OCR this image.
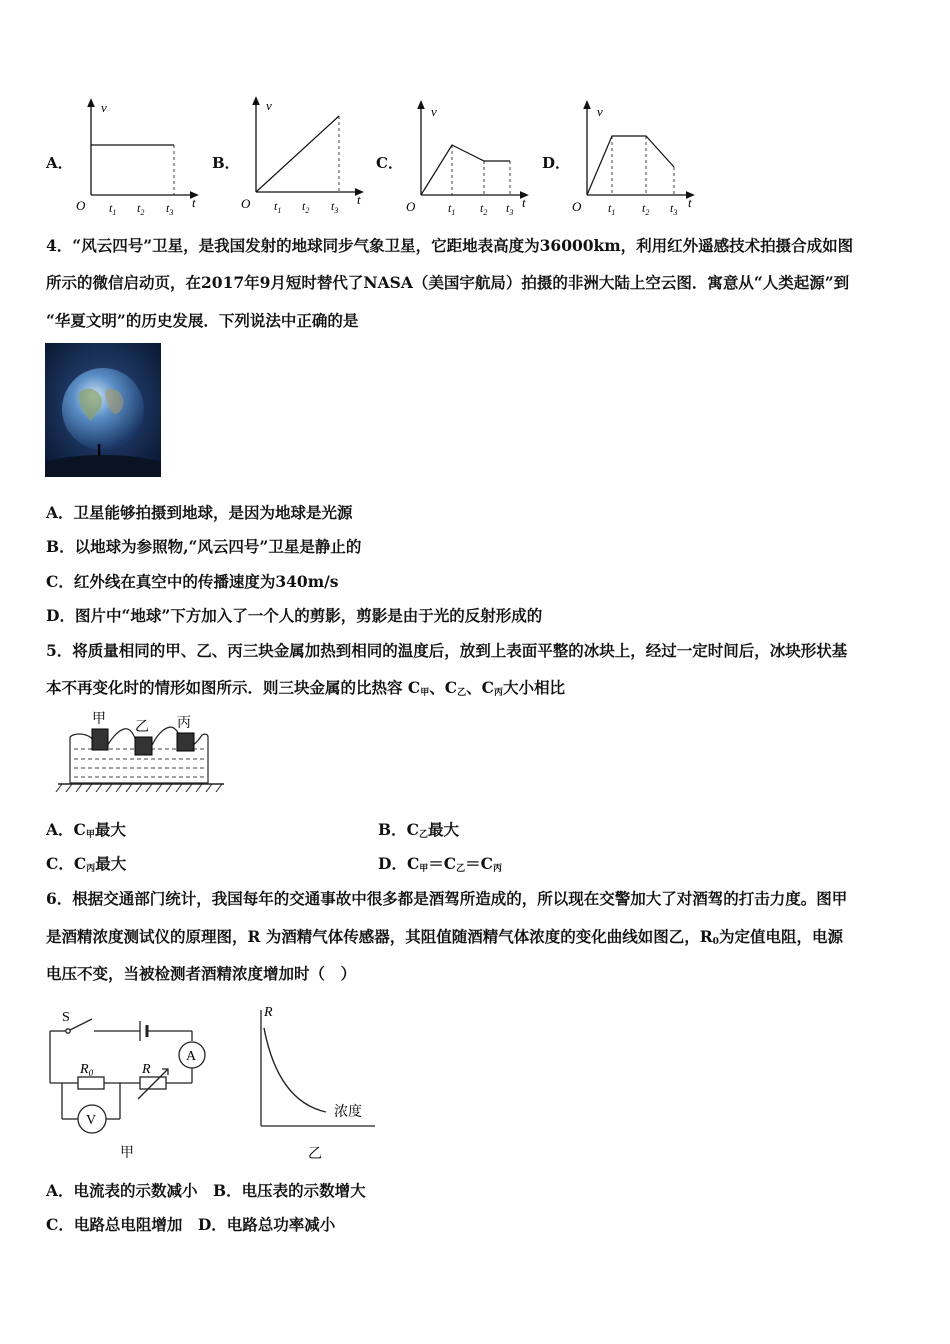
A．	B．	C．	D．
v
t
O $t_1$ $t_2$ $t_3$
v
t
O $t_1$ $t_2$ $t_3$
v
t
O	$t_1$ $t_2$ $t_3$
v
t
O $t_1$ $t_2$ $t_3$
4．“风云四号”卫星，是我国发射的地球同步气象卫星，它距地表高度为36000km，利用红外遥感技术拍摄合成如图
所示的微信启动页，在2017年9月短时替代了NASA（美国宇航局）拍摄的非洲大陆上空云图．寓意从“人类起源”到
“华夏文明”的历史发展．下列说法中正确的是
A．卫星能够拍摄到地球，是因为地球是光源
B．以地球为参照物,“风云四号”卫星是静止的
C．红外线在真空中的传播速度为340m/s
D．图片中“地球”下方加入了一个人的剪影，剪影是由于光的反射形成的
5．将质量相同的甲、乙、丙三块金属加热到相同的温度后，放到上表面平整的冰块上，经过一定时间后，冰块形状基
本不再变化时的情形如图所示．则三块金属的比热容 $C_甲$、$C_乙$、$C_丙$大小相比
甲
乙 丙
A．$C_甲$最大	B．$C_乙$最大
C．$C_丙$最大	D．$C_甲=C_乙=C_丙$
6．根据交通部门统计，我国每年的交通事故中很多都是酒驾所造成的，所以现在交警加大了对酒驾的打击力度。图甲
是酒精浓度测试仪的原理图，R 为酒精气体传感器，其阻值随酒精气体浓度的变化曲线如图乙，$R_0$为定值电阻，电源
电压不变，当被检测者酒精浓度增加时（　）
S
A
V
$R_0$	R
甲
R
浓度
乙
A．电流表的示数减小　B．电压表的示数增大
C．电路总电阻增加　D．电路总功率减小
